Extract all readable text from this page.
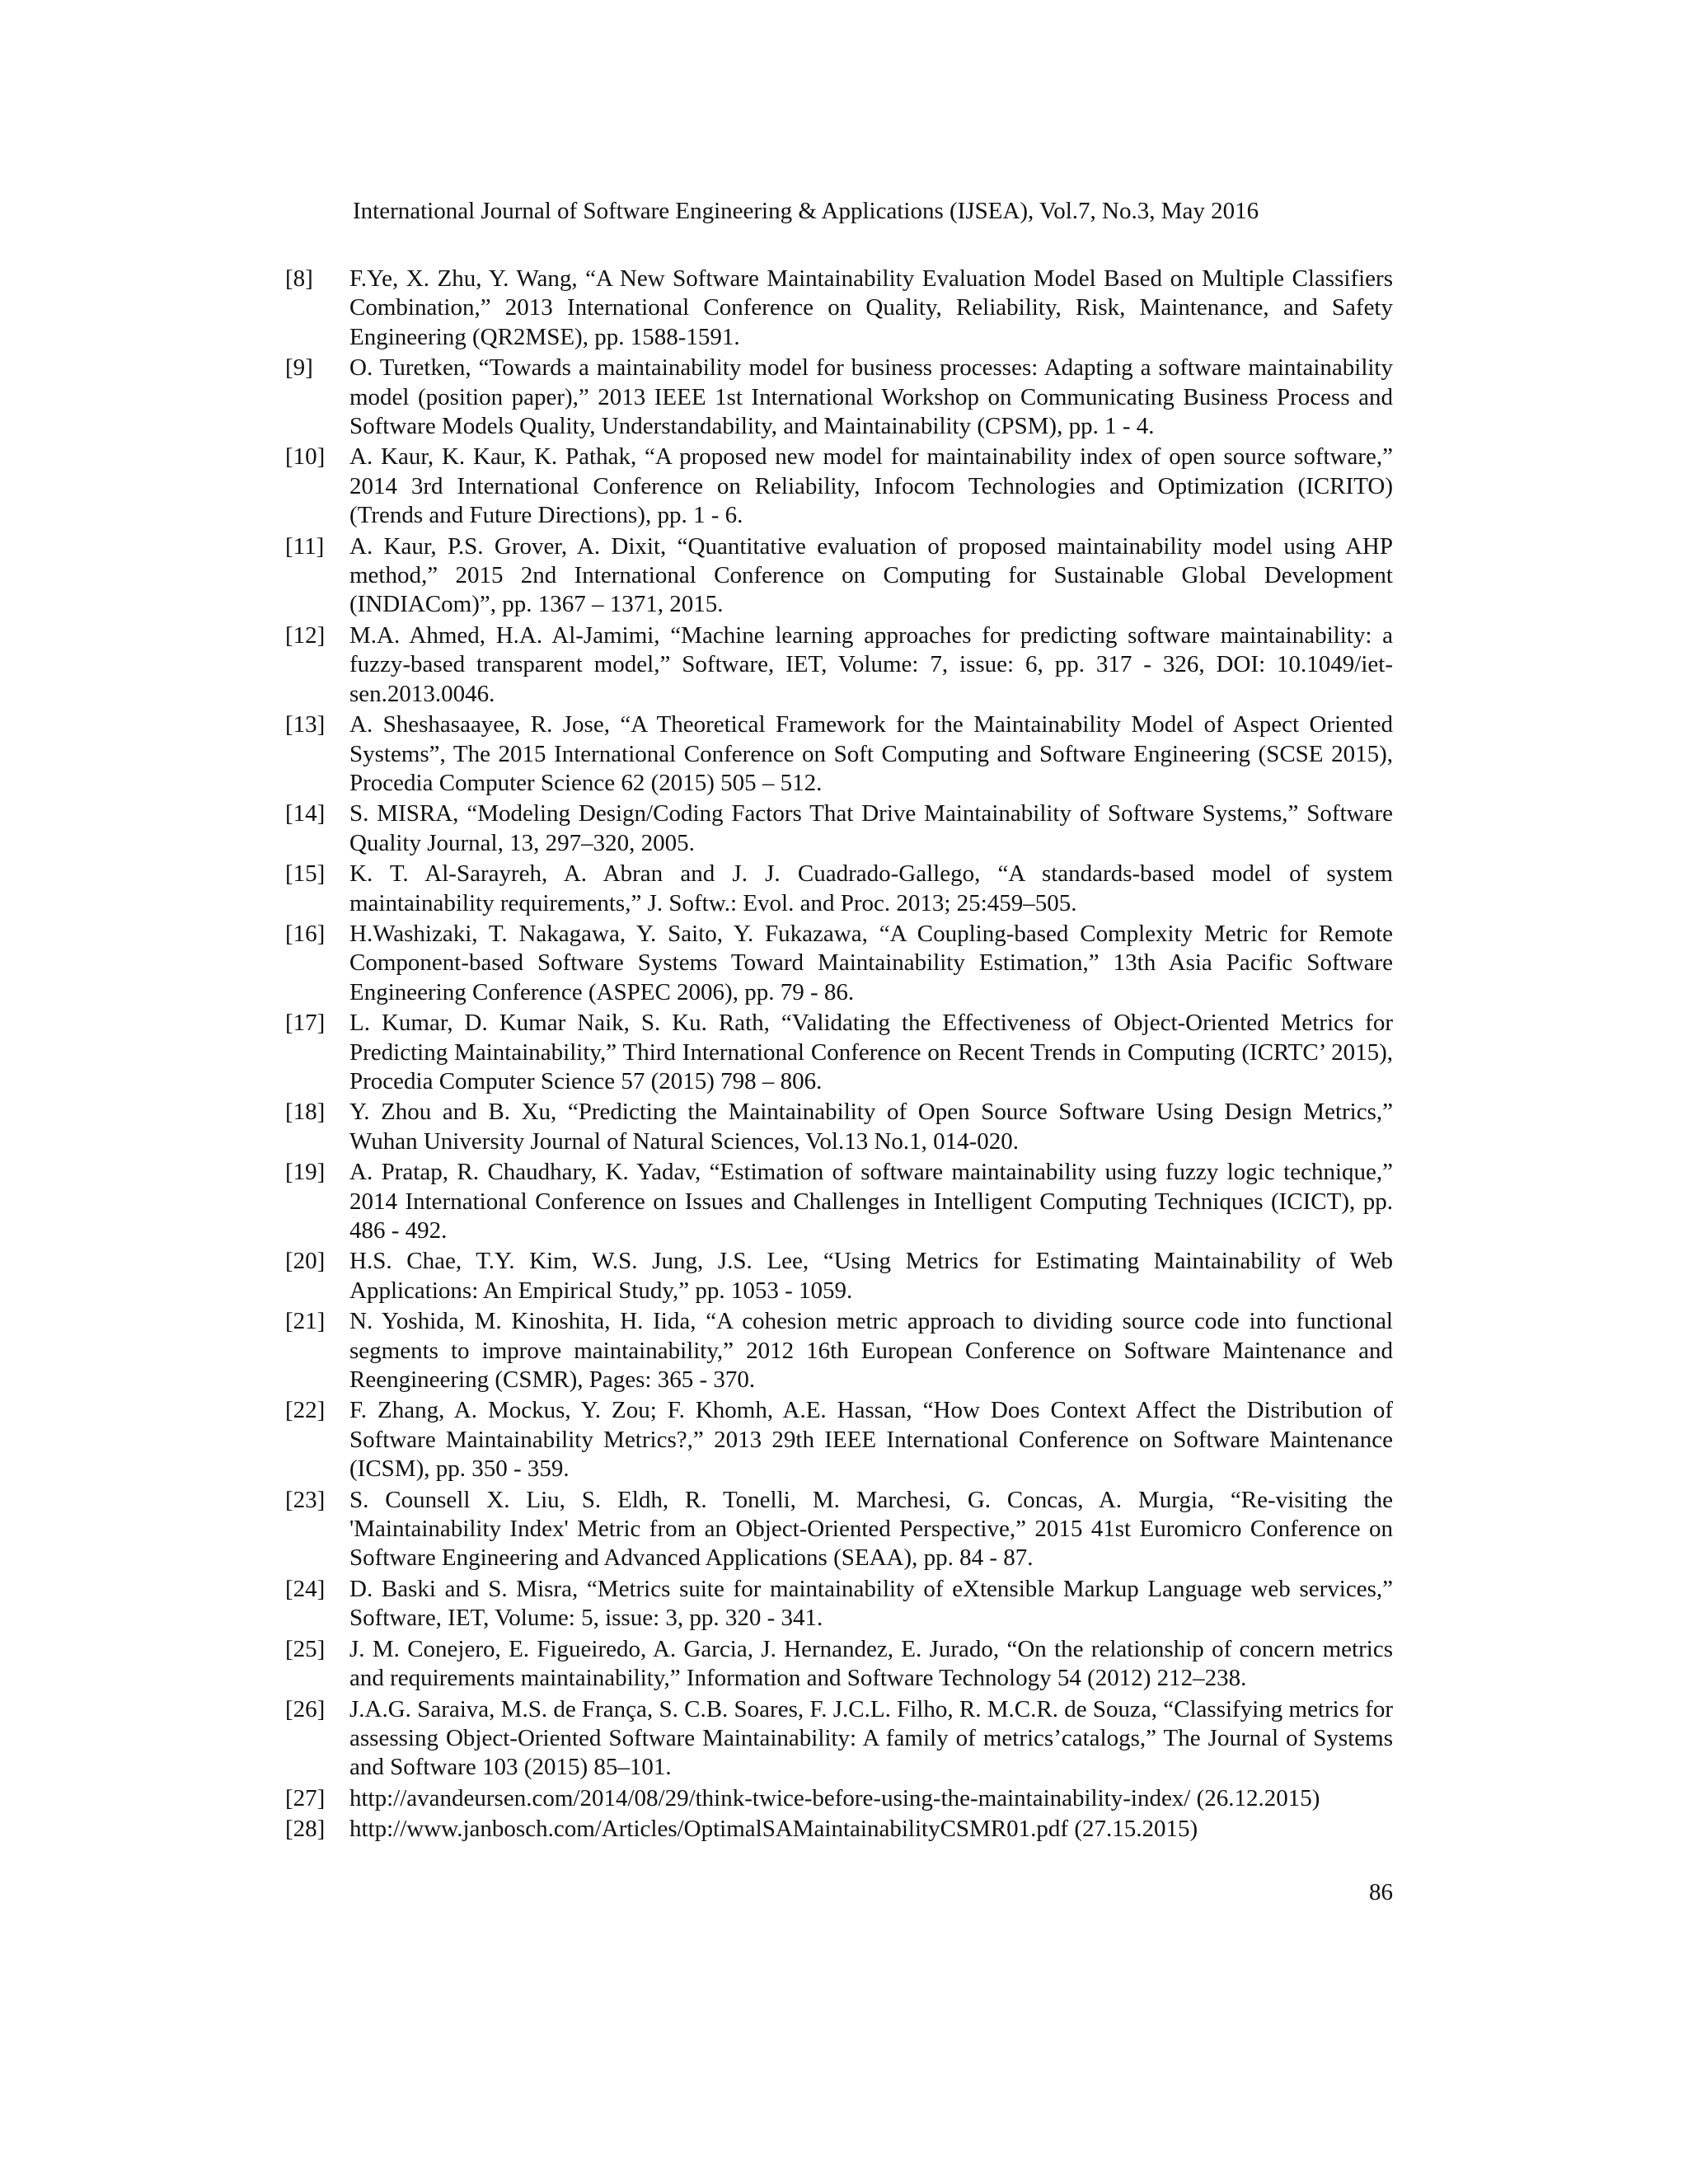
International Journal of Software Engineering & Applications (IJSEA), Vol.7, No.3, May 2016
[8]	F.Ye, X. Zhu, Y. Wang, “A New Software Maintainability Evaluation Model Based on Multiple Classifiers Combination,” 2013 International Conference on Quality, Reliability, Risk, Maintenance, and Safety Engineering (QR2MSE), pp. 1588-1591.
[9]	O. Turetken, “Towards a maintainability model for business processes: Adapting a software maintainability model (position paper),” 2013 IEEE 1st International Workshop on Communicating Business Process and Software Models Quality, Understandability, and Maintainability (CPSM), pp. 1 - 4.
[10]	A. Kaur, K. Kaur, K. Pathak, “A proposed new model for maintainability index of open source software,” 2014 3rd International Conference on Reliability, Infocom Technologies and Optimization (ICRITO) (Trends and Future Directions), pp. 1 - 6.
[11]	A. Kaur, P.S. Grover, A. Dixit, “Quantitative evaluation of proposed maintainability model using AHP method,” 2015 2nd International Conference on Computing for Sustainable Global Development (INDIACom)”, pp. 1367 – 1371, 2015.
[12]	M.A. Ahmed, H.A. Al-Jamimi, “Machine learning approaches for predicting software maintainability: a fuzzy-based transparent model,” Software, IET, Volume: 7, issue: 6, pp. 317 - 326, DOI: 10.1049/iet-sen.2013.0046.
[13]	A. Sheshasaayee, R. Jose, “A Theoretical Framework for the Maintainability Model of Aspect Oriented Systems”, The 2015 International Conference on Soft Computing and Software Engineering (SCSE 2015), Procedia Computer Science 62 (2015) 505 – 512.
[14]	S. MISRA, “Modeling Design/Coding Factors That Drive Maintainability of Software Systems,” Software Quality Journal, 13, 297–320, 2005.
[15]	K. T. Al-Sarayreh, A. Abran and J. J. Cuadrado-Gallego, “A standards-based model of system maintainability requirements,” J. Softw.: Evol. and Proc. 2013; 25:459–505.
[16]	H.Washizaki, T. Nakagawa, Y. Saito, Y. Fukazawa, “A Coupling-based Complexity Metric for Remote Component-based Software Systems Toward Maintainability Estimation,” 13th Asia Pacific Software Engineering Conference (ASPEC 2006), pp. 79 - 86.
[17]	L. Kumar, D. Kumar Naik, S. Ku. Rath, “Validating the Effectiveness of Object-Oriented Metrics for Predicting Maintainability,” Third International Conference on Recent Trends in Computing (ICRTC’ 2015), Procedia Computer Science 57 (2015) 798 – 806.
[18]	Y. Zhou and B. Xu, “Predicting the Maintainability of Open Source Software Using Design Metrics,” Wuhan University Journal of Natural Sciences, Vol.13 No.1, 014-020.
[19]	A. Pratap, R. Chaudhary, K. Yadav, “Estimation of software maintainability using fuzzy logic technique,” 2014 International Conference on Issues and Challenges in Intelligent Computing Techniques (ICICT), pp. 486 - 492.
[20]	H.S. Chae, T.Y. Kim, W.S. Jung, J.S. Lee, “Using Metrics for Estimating Maintainability of Web Applications: An Empirical Study,” pp. 1053 - 1059.
[21]	N. Yoshida, M. Kinoshita, H. Iida, “A cohesion metric approach to dividing source code into functional segments to improve maintainability,” 2012 16th European Conference on Software Maintenance and Reengineering (CSMR), Pages: 365 - 370.
[22]	F. Zhang, A. Mockus, Y. Zou; F. Khomh, A.E. Hassan, “How Does Context Affect the Distribution of Software Maintainability Metrics?,” 2013 29th IEEE International Conference on Software Maintenance (ICSM), pp. 350 - 359.
[23]	S. Counsell X. Liu, S. Eldh, R. Tonelli, M. Marchesi, G. Concas, A. Murgia, “Re-visiting the 'Maintainability Index' Metric from an Object-Oriented Perspective,” 2015 41st Euromicro Conference on Software Engineering and Advanced Applications (SEAA), pp. 84 - 87.
[24]	D. Baski and S. Misra, “Metrics suite for maintainability of eXtensible Markup Language web services,” Software, IET, Volume: 5, issue: 3, pp. 320 - 341.
[25]	J. M. Conejero, E. Figueiredo, A. Garcia, J. Hernandez, E. Jurado, “On the relationship of concern metrics and requirements maintainability,” Information and Software Technology 54 (2012) 212–238.
[26]	J.A.G. Saraiva, M.S. de França, S. C.B. Soares, F. J.C.L. Filho, R. M.C.R. de Souza, “Classifying metrics for assessing Object-Oriented Software Maintainability: A family of metrics’catalogs,” The Journal of Systems and Software 103 (2015) 85–101.
[27]	http://avandeursen.com/2014/08/29/think-twice-before-using-the-maintainability-index/ (26.12.2015)
[28]	http://www.janbosch.com/Articles/OptimalSAMaintainabilityCSMR01.pdf (27.15.2015)
86
